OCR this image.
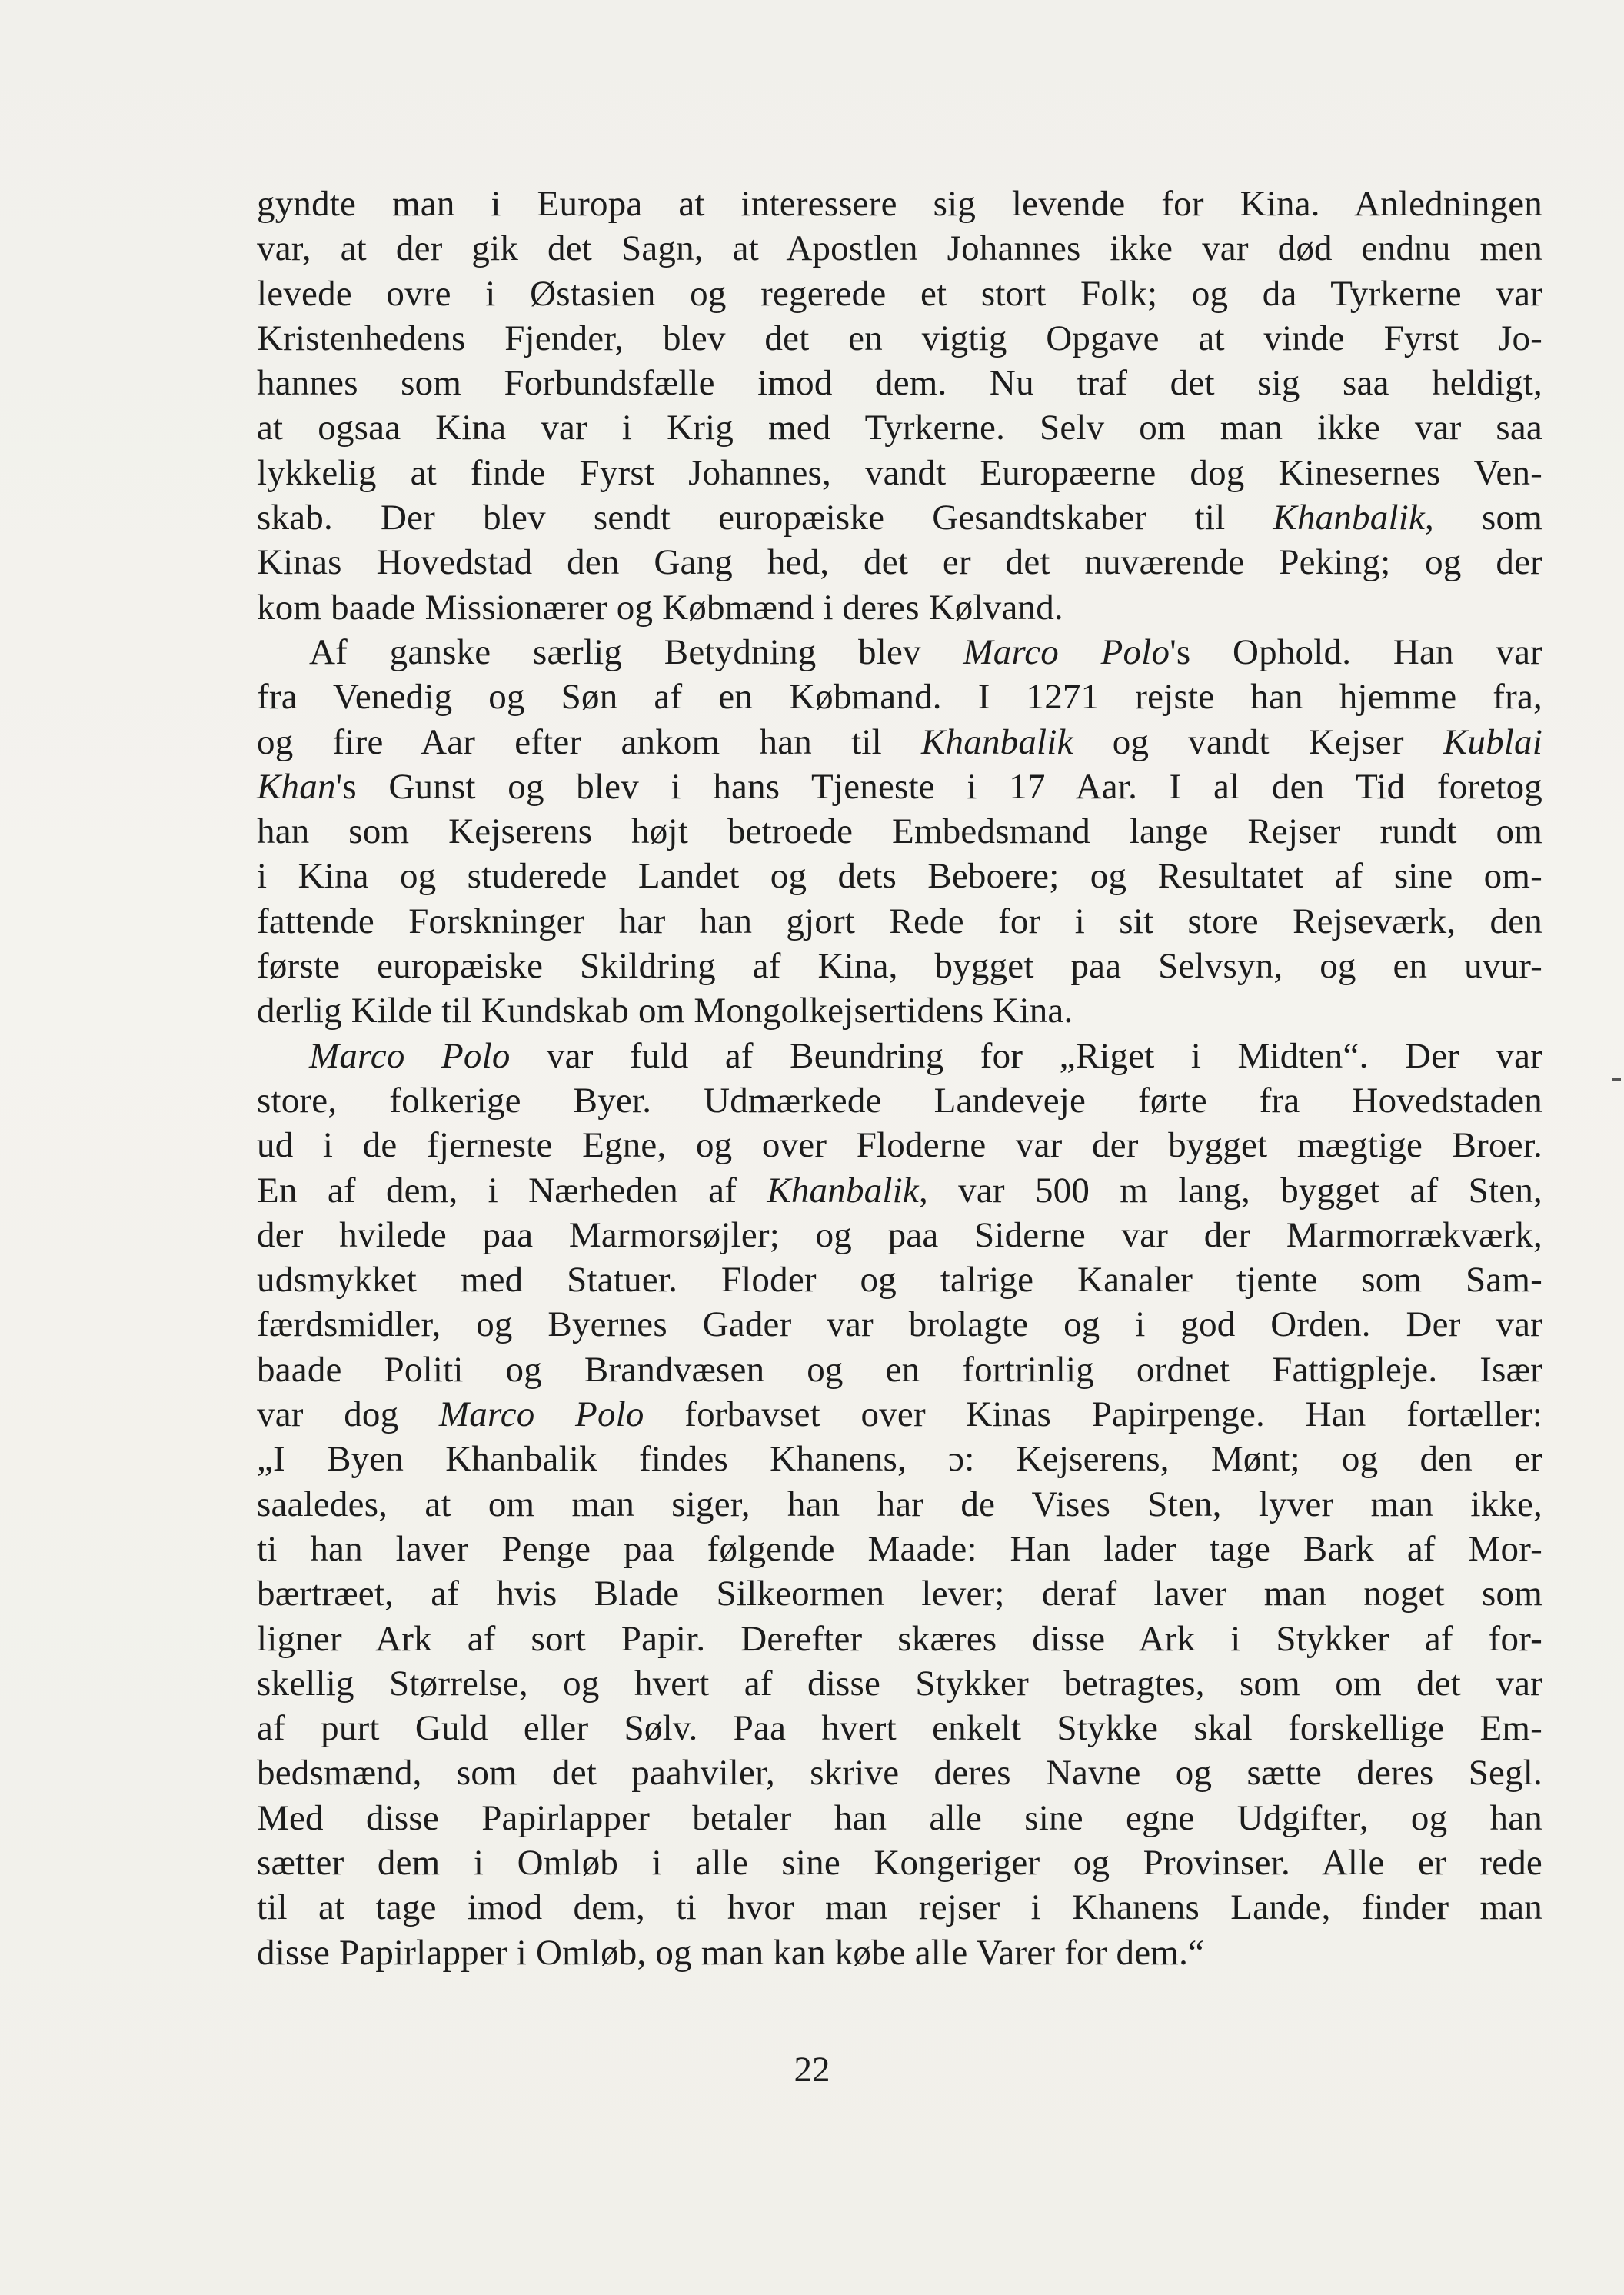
gyndte man i Europa at interessere sig levende for Kina. Anledningen
var, at der gik det Sagn, at Apostlen Johannes ikke var død endnu men
levede ovre i Østasien og regerede et stort Folk; og da Tyrkerne var
Kristenhedens Fjender, blev det en vigtig Opgave at vinde Fyrst Jo-
hannes som Forbundsfælle imod dem. Nu traf det sig saa heldigt,
at ogsaa Kina var i Krig med Tyrkerne. Selv om man ikke var saa
lykkelig at finde Fyrst Johannes, vandt Europæerne dog Kinesernes Ven-
skab. Der blev sendt europæiske Gesandtskaber til Khanbalik, som
Kinas Hovedstad den Gang hed, det er det nuværende Peking; og der
kom baade Missionærer og Købmænd i deres Kølvand.
Af ganske særlig Betydning blev Marco Polo's Ophold. Han var
fra Venedig og Søn af en Købmand. I 1271 rejste han hjemme fra,
og fire Aar efter ankom han til Khanbalik og vandt Kejser Kublai
Khan's Gunst og blev i hans Tjeneste i 17 Aar. I al den Tid foretog
han som Kejserens højt betroede Embedsmand lange Rejser rundt om
i Kina og studerede Landet og dets Beboere; og Resultatet af sine om-
fattende Forskninger har han gjort Rede for i sit store Rejseværk, den
første europæiske Skildring af Kina, bygget paa Selvsyn, og en uvur-
derlig Kilde til Kundskab om Mongolkejsertidens Kina.
Marco Polo var fuld af Beundring for „Riget i Midten“. Der var
store, folkerige Byer. Udmærkede Landeveje førte fra Hovedstaden
ud i de fjerneste Egne, og over Floderne var der bygget mægtige Broer.
En af dem, i Nærheden af Khanbalik, var 500 m lang, bygget af Sten,
der hvilede paa Marmorsøjler; og paa Siderne var der Marmorrækværk,
udsmykket med Statuer. Floder og talrige Kanaler tjente som Sam-
færdsmidler, og Byernes Gader var brolagte og i god Orden. Der var
baade Politi og Brandvæsen og en fortrinlig ordnet Fattigpleje. Især
var dog Marco Polo forbavset over Kinas Papirpenge. Han fortæller:
„I Byen Khanbalik findes Khanens, ɔ: Kejserens, Mønt; og den er
saaledes, at om man siger, han har de Vises Sten, lyver man ikke,
ti han laver Penge paa følgende Maade: Han lader tage Bark af Mor-
bærtræet, af hvis Blade Silkeormen lever; deraf laver man noget som
ligner Ark af sort Papir. Derefter skæres disse Ark i Stykker af for-
skellig Størrelse, og hvert af disse Stykker betragtes, som om det var
af purt Guld eller Sølv. Paa hvert enkelt Stykke skal forskellige Em-
bedsmænd, som det paahviler, skrive deres Navne og sætte deres Segl.
Med disse Papirlapper betaler han alle sine egne Udgifter, og han
sætter dem i Omløb i alle sine Kongeriger og Provinser. Alle er rede
til at tage imod dem, ti hvor man rejser i Khanens Lande, finder man
disse Papirlapper i Omløb, og man kan købe alle Varer for dem.“
22
